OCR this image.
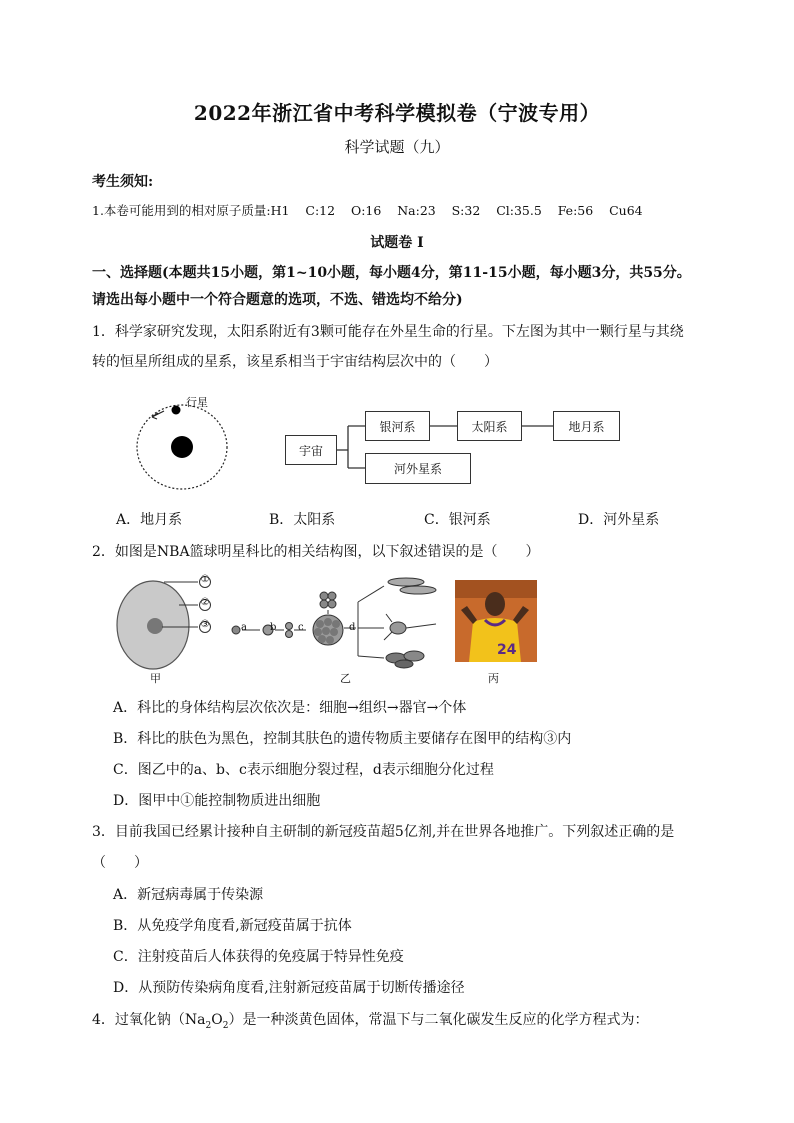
2022年浙江省中考科学模拟卷（宁波专用）
科学试题（九）
考生须知:
1.本卷可能用到的相对原子质量:H1    C:12    O:16    Na:23    S:32    Cl:35.5    Fe:56    Cu64
试题卷 Ⅰ
一、选择题(本题共15小题，第1~10小题，每小题4分，第11-15小题，每小题3分，共55分。
请选出每小题中一个符合题意的选项，不选、错选均不给分)
1．科学家研究发现，太阳系附近有3颗可能存在外星生命的行星。下左图为其中一颗行星与其绕
转的恒星所组成的星系，该星系相当于宇宙结构层次中的（　　）
行星
宇宙
银河系	太阳系	地月系
河外星系
A．地月系	B．太阳系	C．银河系	D．河外星系
2．如图是NBA篮球明星科比的相关结构图，以下叙述错误的是（　　）
①
②
③
甲
a b c	d
乙
24
丙
A．科比的身体结构层次依次是：细胞→组织→器官→个体
B．科比的肤色为黑色，控制其肤色的遗传物质主要储存在图甲的结构③内
C．图乙中的a、b、c表示细胞分裂过程，d表示细胞分化过程
D．图甲中①能控制物质进出细胞
3．目前我国已经累计接种自主研制的新冠疫苗超5亿剂,并在世界各地推广。下列叙述正确的是
（　　）
A．新冠病毒属于传染源
B．从免疫学角度看,新冠疫苗属于抗体
C．注射疫苗后人体获得的免疫属于特异性免疫
D．从预防传染病角度看,注射新冠疫苗属于切断传播途径
4．过氧化钠$(Na_2O_2)$是一种淡黄色固体，常温下与二氧化碳发生反应的化学方程式为：
